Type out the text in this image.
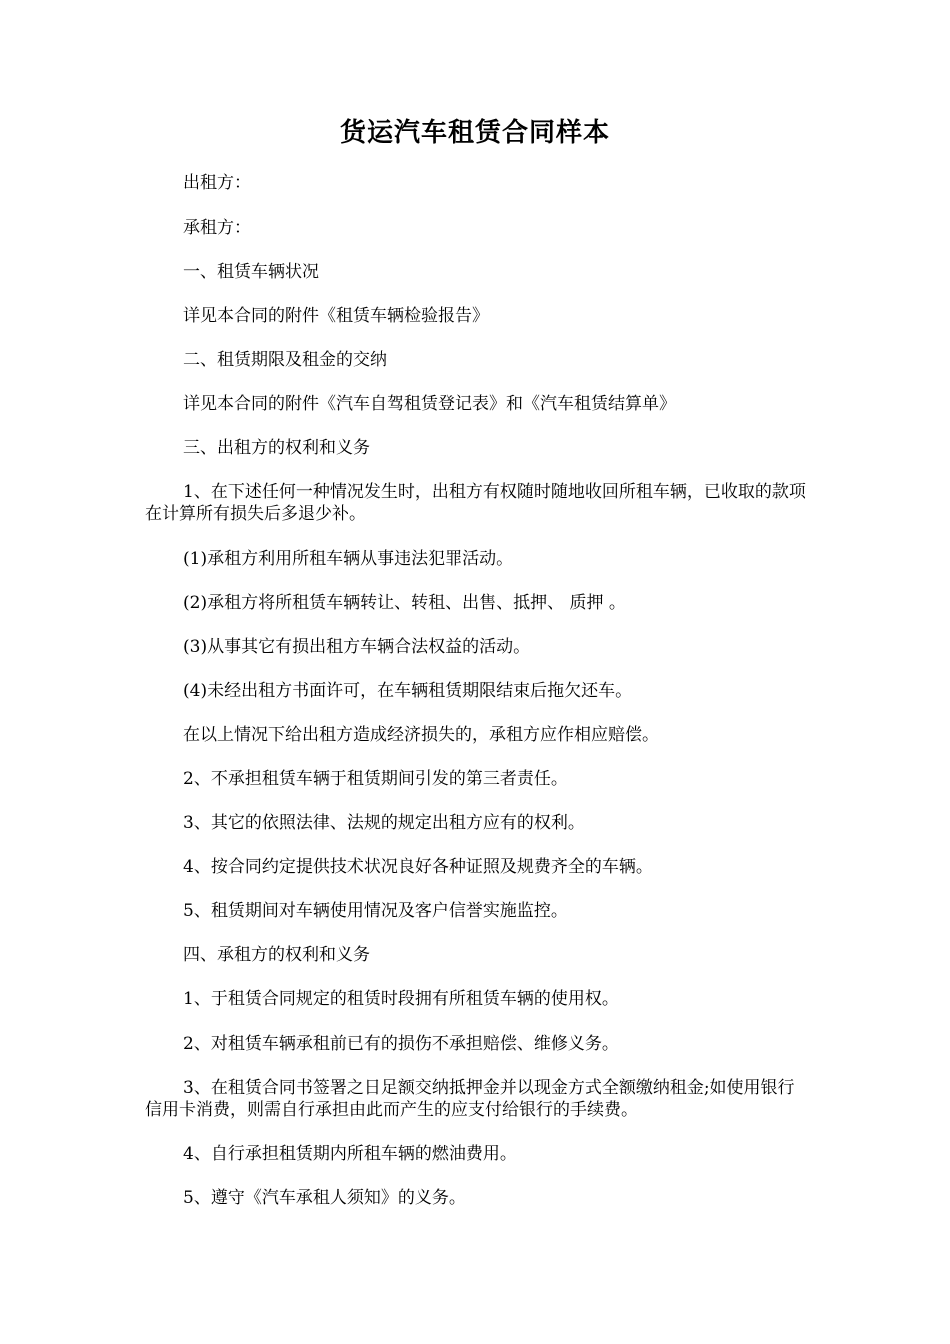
货运汽车租赁合同样本

出租方：

承租方：

一、租赁车辆状况

详见本合同的附件《租赁车辆检验报告》

二、租赁期限及租金的交纳

详见本合同的附件《汽车自驾租赁登记表》和《汽车租赁结算单》

三、出租方的权利和义务

1、在下述任何一种情况发生时，出租方有权随时随地收回所租车辆，已收取的款项在计算所有损失后多退少补。

(1)承租方利用所租车辆从事违法犯罪活动。

(2)承租方将所租赁车辆转让、转租、出售、抵押、 质押 。

(3)从事其它有损出租方车辆合法权益的活动。

(4)未经出租方书面许可，在车辆租赁期限结束后拖欠还车。

在以上情况下给出租方造成经济损失的，承租方应作相应赔偿。

2、不承担租赁车辆于租赁期间引发的第三者责任。

3、其它的依照法律、法规的规定出租方应有的权利。

4、按合同约定提供技术状况良好各种证照及规费齐全的车辆。

5、租赁期间对车辆使用情况及客户信誉实施监控。

四、承租方的权利和义务

1、于租赁合同规定的租赁时段拥有所租赁车辆的使用权。

2、对租赁车辆承租前已有的损伤不承担赔偿、维修义务。

3、在租赁合同书签署之日足额交纳抵押金并以现金方式全额缴纳租金;如使用银行信用卡消费，则需自行承担由此而产生的应支付给银行的手续费。

4、自行承担租赁期内所租车辆的燃油费用。

5、遵守《汽车承租人须知》的义务。
